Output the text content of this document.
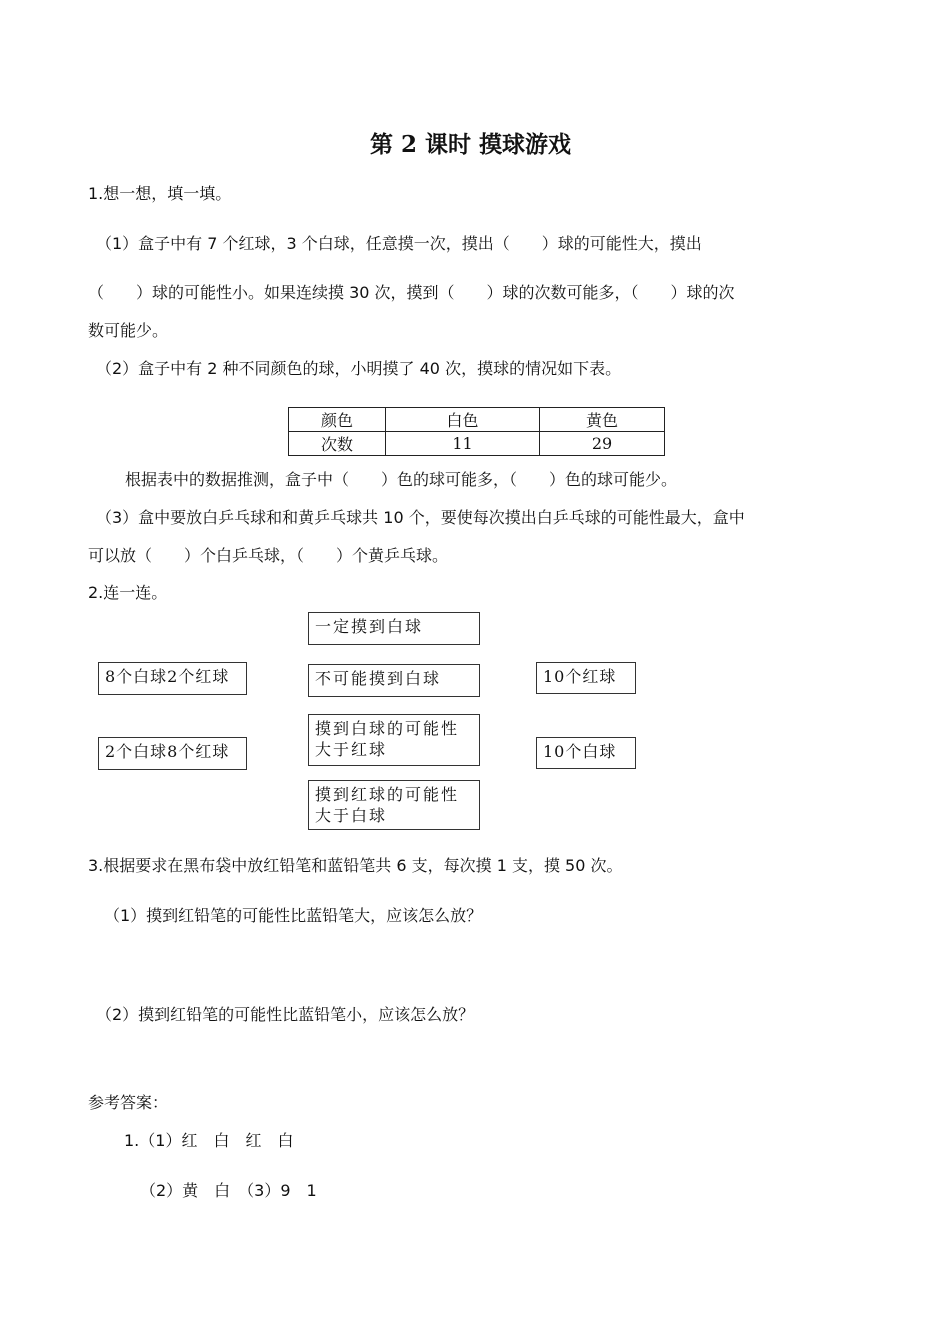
第 2 课时 摸球游戏
1.想一想，填一填。
（1）盒子中有 7 个红球，3 个白球，任意摸一次，摸出（　　）球的可能性大，摸出
（　　）球的可能性小。如果连续摸 30 次，摸到（　　）球的次数可能多，（　　）球的次
数可能少。
（2）盒子中有 2 种不同颜色的球，小明摸了 40 次，摸球的情况如下表。
颜色	白色	黄色
次数	11	29
根据表中的数据推测，盒子中（　　）色的球可能多，（　　）色的球可能少。
（3）盒中要放白乒乓球和和黄乒乓球共 10 个，要使每次摸出白乒乓球的可能性最大，盒中
可以放（　　）个白乒乓球，（　　）个黄乒乓球。
2.连一连。
一定摸到白球
不可能摸到白球
摸到白球的可能性大于红球
摸到红球的可能性大于白球
8个白球2个红球
2个白球8个红球
10个红球
10个白球
3.根据要求在黑布袋中放红铅笔和蓝铅笔共 6 支，每次摸 1 支，摸 50 次。
（1）摸到红铅笔的可能性比蓝铅笔大，应该怎么放？
（2）摸到红铅笔的可能性比蓝铅笔小，应该怎么放？
参考答案：
1.（1）红　白　红　白
（2）黄　白　（3）9　1
